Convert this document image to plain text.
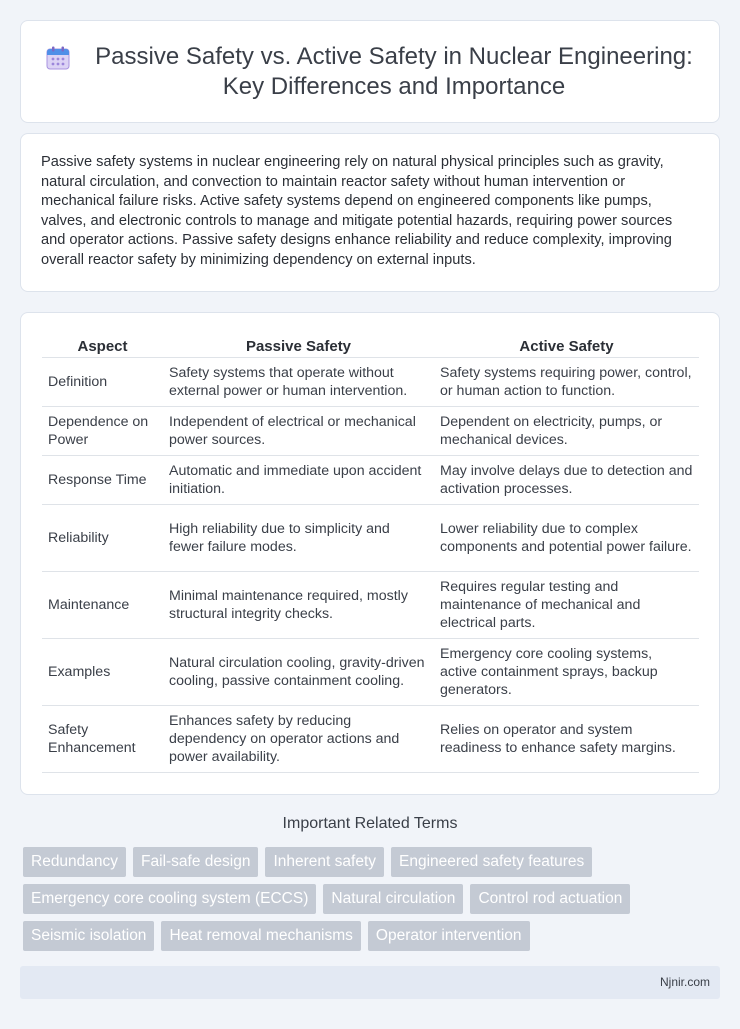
Passive Safety vs. Active Safety in Nuclear Engineering: Key Differences and Importance

Passive safety systems in nuclear engineering rely on natural physical principles such as gravity, natural circulation, and convection to maintain reactor safety without human intervention or mechanical failure risks. Active safety systems depend on engineered components like pumps, valves, and electronic controls to manage and mitigate potential hazards, requiring power sources and operator actions. Passive safety designs enhance reliability and reduce complexity, improving overall reactor safety by minimizing dependency on external inputs.

Aspect	Passive Safety	Active Safety
Definition	Safety systems that operate without external power or human intervention.	Safety systems requiring power, control, or human action to function.
Dependence on Power	Independent of electrical or mechanical power sources.	Dependent on electricity, pumps, or mechanical devices.
Response Time	Automatic and immediate upon accident initiation.	May involve delays due to detection and activation processes.
Reliability	High reliability due to simplicity and fewer failure modes.	Lower reliability due to complex components and potential power failure.
Maintenance	Minimal maintenance required, mostly structural integrity checks.	Requires regular testing and maintenance of mechanical and electrical parts.
Examples	Natural circulation cooling, gravity-driven cooling, passive containment cooling.	Emergency core cooling systems, active containment sprays, backup generators.
Safety Enhancement	Enhances safety by reducing dependency on operator actions and power availability.	Relies on operator and system readiness to enhance safety margins.
Important Related Terms
Redundancy	Fail-safe design	Inherent safety	Engineered safety features
Emergency core cooling system (ECCS)	Natural circulation	Control rod actuation
Seismic isolation	Heat removal mechanisms	Operator intervention
Njnir.com
